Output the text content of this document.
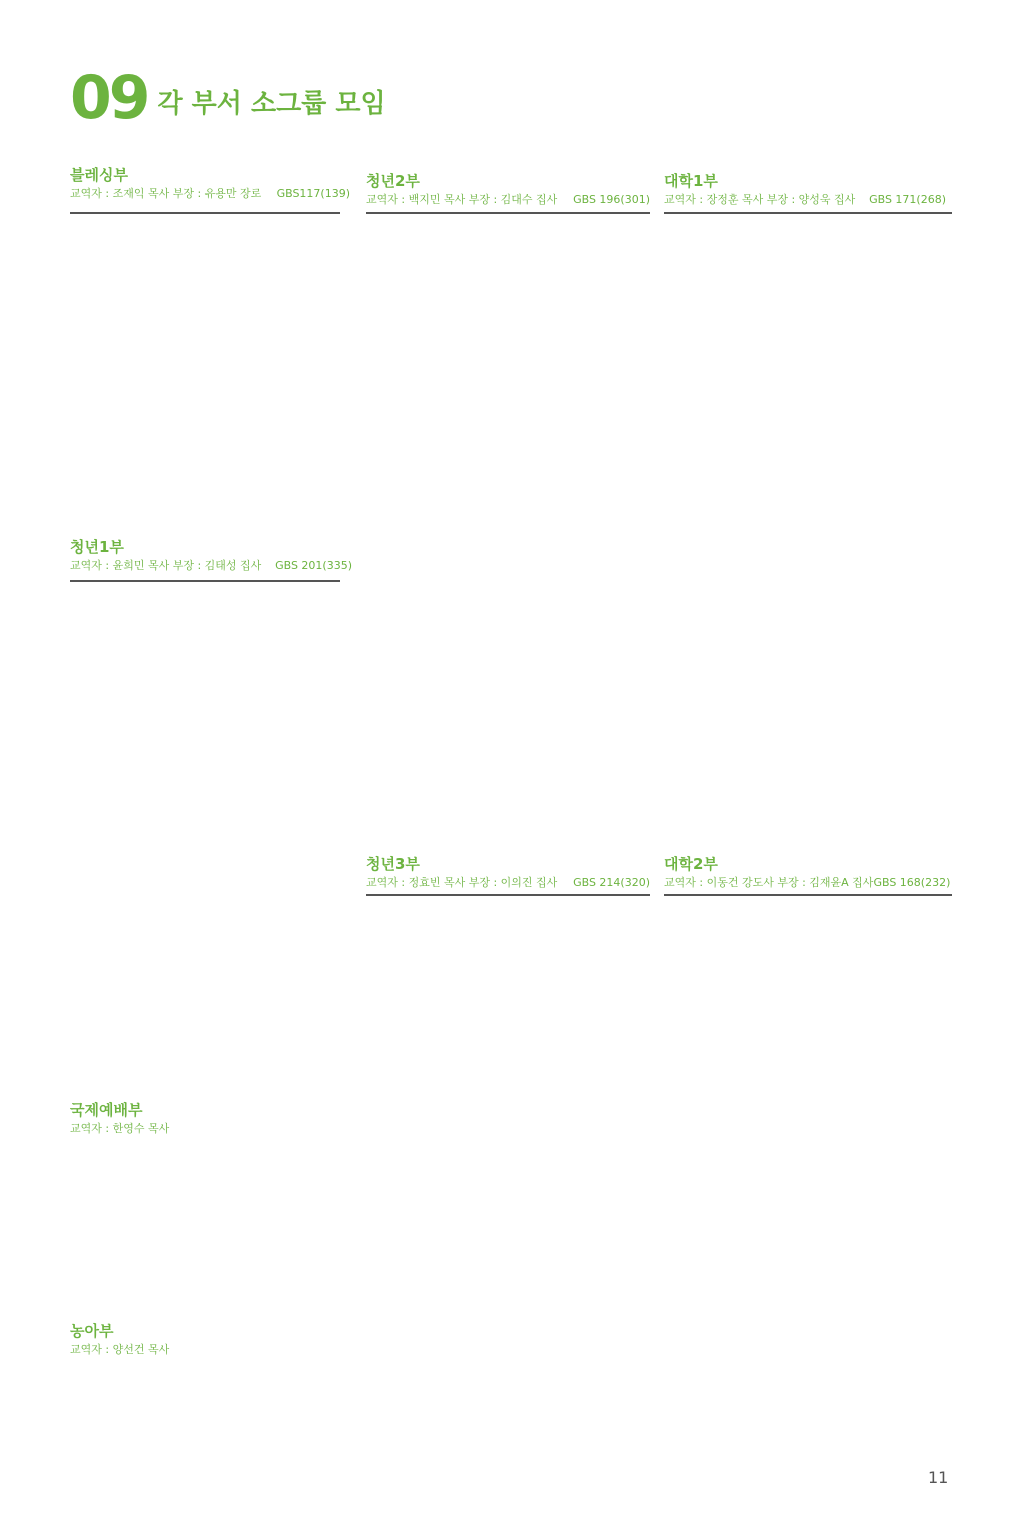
09 각 부서 소그룹 모임
블레싱부
교역자 : 조재익 목사 부장 : 유용만 장로 GBS117(139)
청년1부
교역자 : 윤희민 목사 부장 : 김태성 집사 GBS 201(335)
국제예배부
교역자 : 한영수 목사
농아부
교역자 : 양선건 목사
청년2부
교역자 : 백지민 목사 부장 : 김대수 집사 GBS 196(301)
청년3부
교역자 : 정효빈 목사 부장 : 이의진 집사 GBS 214(320)
대학1부
교역자 : 장정훈 목사 부장 : 양성욱 집사 GBS 171(268)
대학2부
교역자 : 이동건 강도사 부장 : 김재윤A 집사 GBS 168(232)
11
